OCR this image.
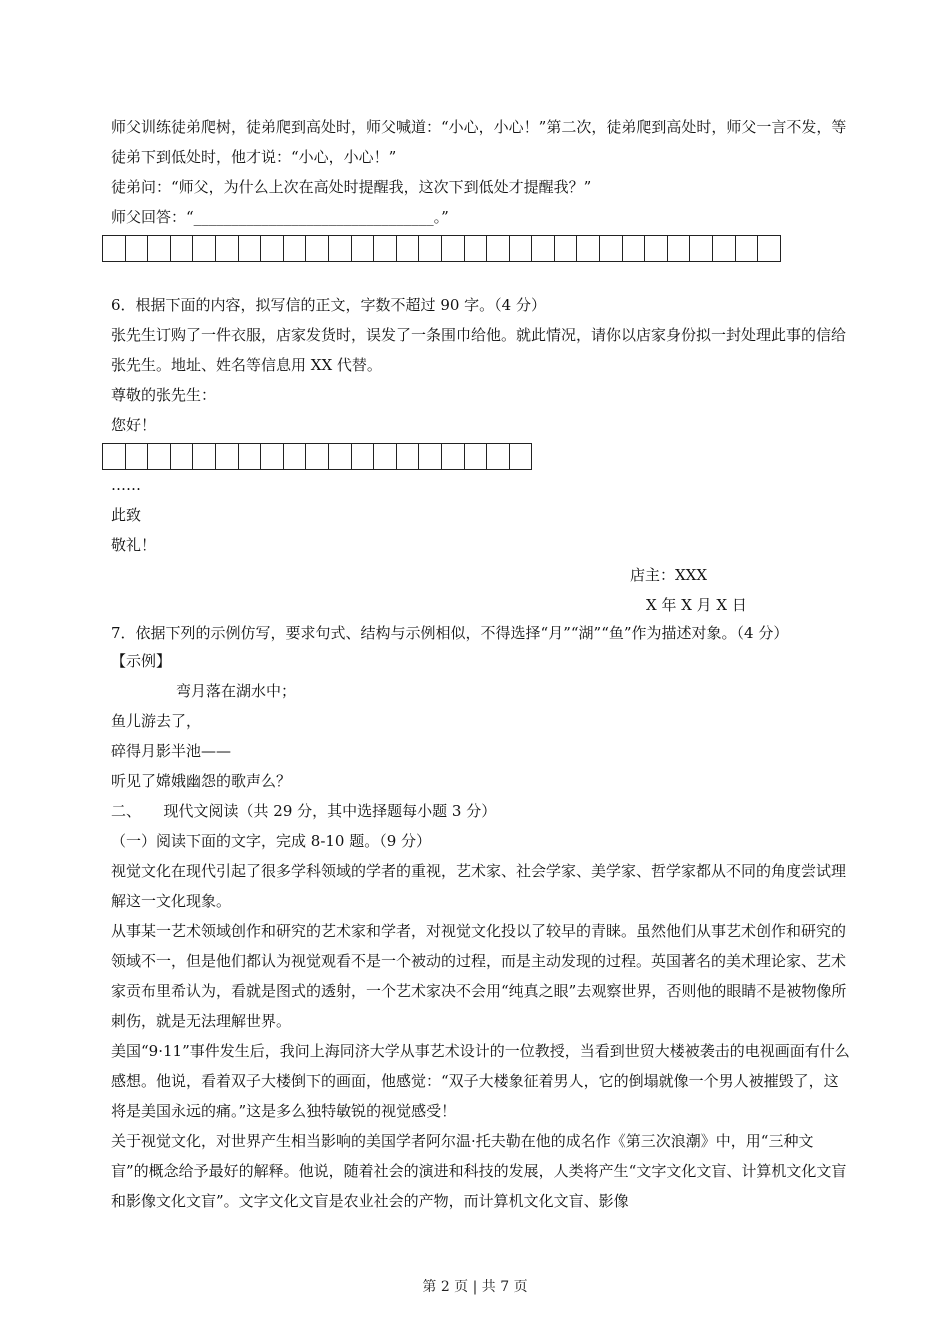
师父训练徒弟爬树，徒弟爬到高处时，师父喊道：“小心，小心！”第二次，徒弟爬到高处时，师父一言不发，等徒弟下到低处时，他才说：“小心，小心！”
徒弟问：“师父，为什么上次在高处时提醒我，这次下到低处才提醒我？”
师父回答：“________________________________。”
6．根据下面的内容，拟写信的正文，字数不超过 90 字。（4 分）
张先生订购了一件衣服，店家发货时，误发了一条围巾给他。就此情况，请你以店家身份拟一封处理此事的信给张先生。地址、姓名等信息用 XX 代替。
尊敬的张先生：
您好！
……
此致
敬礼！
店主：XXX
X 年 X 月 X 日
7．依据下列的示例仿写，要求句式、结构与示例相似，不得选择“月”“湖”“鱼”作为描述对象。（4 分）
【示例】
弯月落在湖水中；
鱼儿游去了，
碎得月影半池——
听见了嫦娥幽怨的歌声么？
二、　　现代文阅读（共 29 分，其中选择题每小题 3 分）
（一）阅读下面的文字，完成 8-10 题。（9 分）
视觉文化在现代引起了很多学科领域的学者的重视，艺术家、社会学家、美学家、哲学家都从不同的角度尝试理解这一文化现象。
从事某一艺术领域创作和研究的艺术家和学者，对视觉文化投以了较早的青睐。虽然他们从事艺术创作和研究的领域不一，但是他们都认为视觉观看不是一个被动的过程，而是主动发现的过程。英国著名的美术理论家、艺术家贡布里希认为，看就是图式的透射，一个艺术家决不会用“纯真之眼”去观察世界，否则他的眼睛不是被物像所刺伤，就是无法理解世界。
美国“9·11”事件发生后，我问上海同济大学从事艺术设计的一位教授，当看到世贸大楼被袭击的电视画面有什么感想。他说，看着双子大楼倒下的画面，他感觉：“双子大楼象征着男人，它的倒塌就像一个男人被摧毁了，这将是美国永远的痛。”这是多么独特敏锐的视觉感受！
关于视觉文化，对世界产生相当影响的美国学者阿尔温·托夫勒在他的成名作《第三次浪潮》中，用“三种文盲”的概念给予最好的解释。他说，随着社会的演进和科技的发展，人类将产生“文字文化文盲、计算机文化文盲和影像文化文盲”。文字文化文盲是农业社会的产物，而计算机文化文盲、影像
第 2 页 | 共 7 页
